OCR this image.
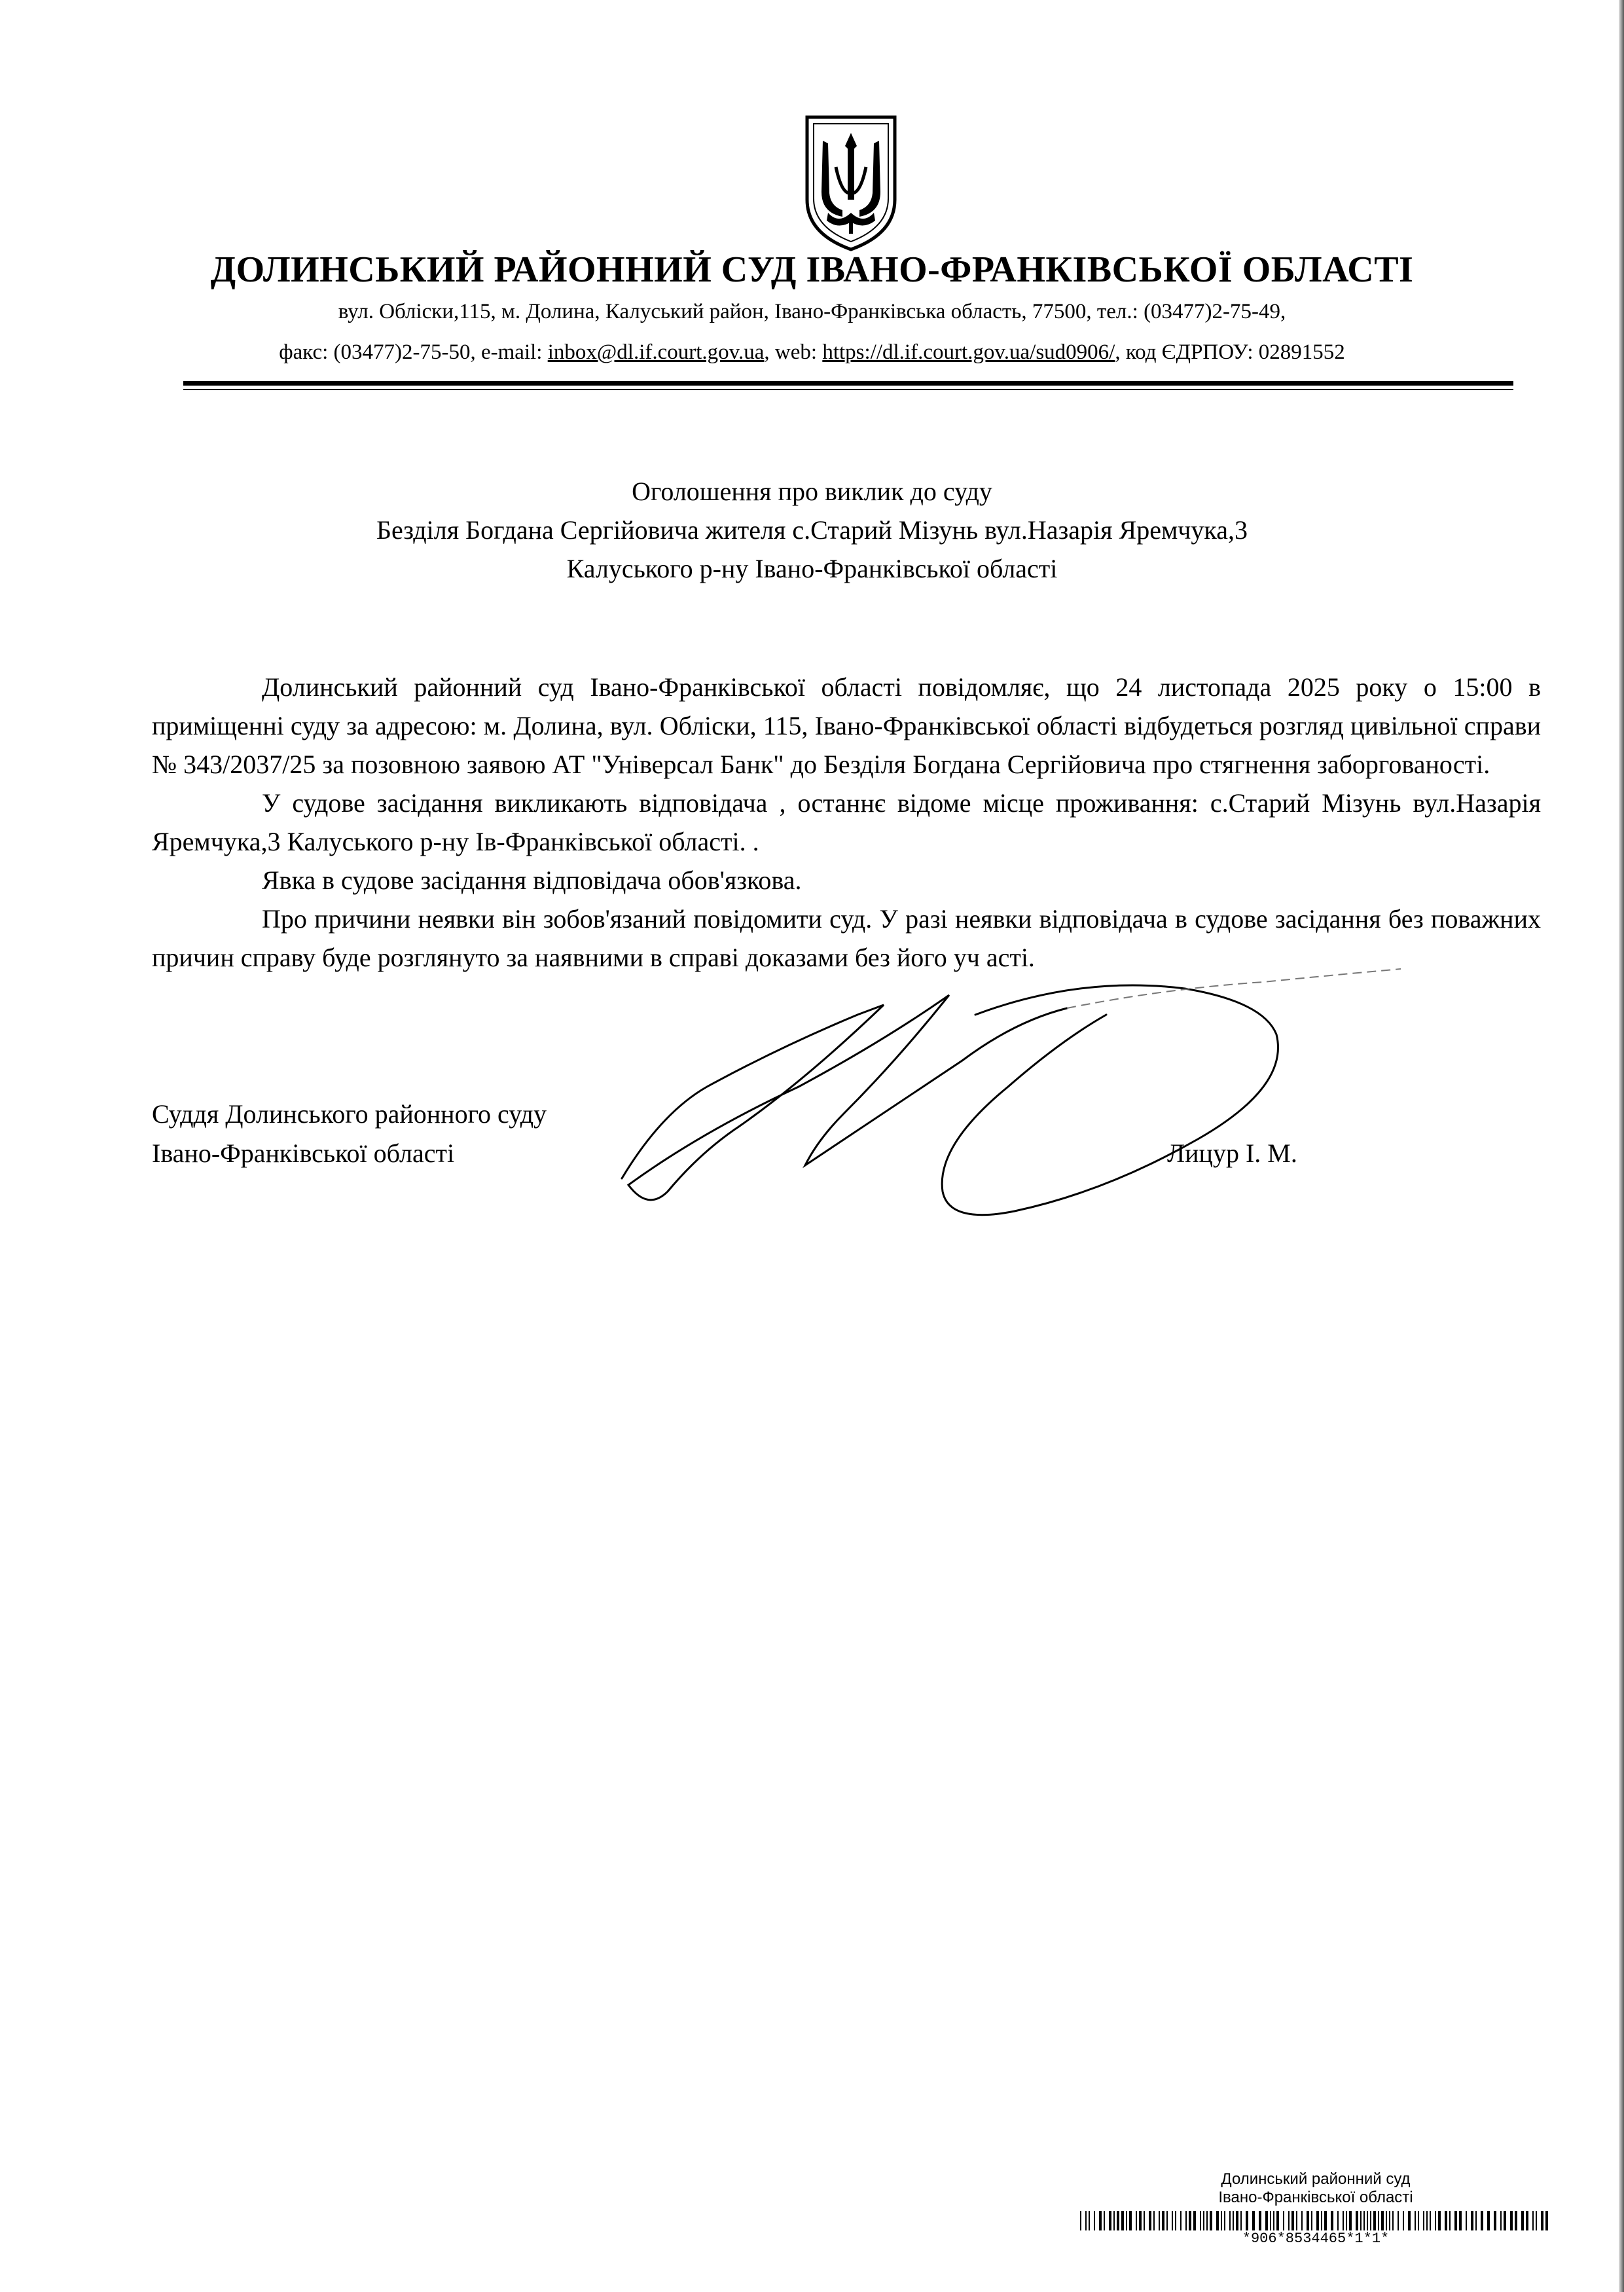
ДОЛИНСЬКИЙ РАЙОННИЙ СУД ІВАНО-ФРАНКІВСЬКОЇ ОБЛАСТІ
вул. Обліски,115, м. Долина, Калуський район, Івано-Франківська область, 77500, тел.: (03477)2-75-49,
факс: (03477)2-75-50, e-mail: inbox@dl.if.court.gov.ua, web: https://dl.if.court.gov.ua/sud0906/, код ЄДРПОУ: 02891552
Оголошення про виклик до суду
Безділя Богдана Сергійовича жителя с.Старий Мізунь вул.Назарія Яремчука,3
Калуського р-ну Івано-Франківської області

Долинський районний суд Івано-Франківської області повідомляє, що 24 листопада 2025 року о 15:00 в приміщенні суду за адресою: м. Долина, вул. Обліски, 115, Івано-Франківської області відбудеться розгляд цивільної справи № 343/2037/25 за позовною заявою АТ "Універсал Банк" до Безділя Богдана Сергійовича про стягнення заборгованості.

У судове засідання викликають відповідача , останнє відоме місце проживання: с.Старий Мізунь вул.Назарія Яремчука,3 Калуського р-ну Ів-Франківської області. .

Явка в судове засідання відповідача обов'язкова.

Про причини неявки він зобов'язаний повідомити суд. У разі неявки відповідача в судове засідання без поважних причин справу буде розглянуто за наявними в справі доказами без його уч асті.

Суддя Долинського районного суду
Івано-Франківської області	Лицур І. М.
Долинський районний суд
Івано-Франківської області
*906*8534465*1*1*
